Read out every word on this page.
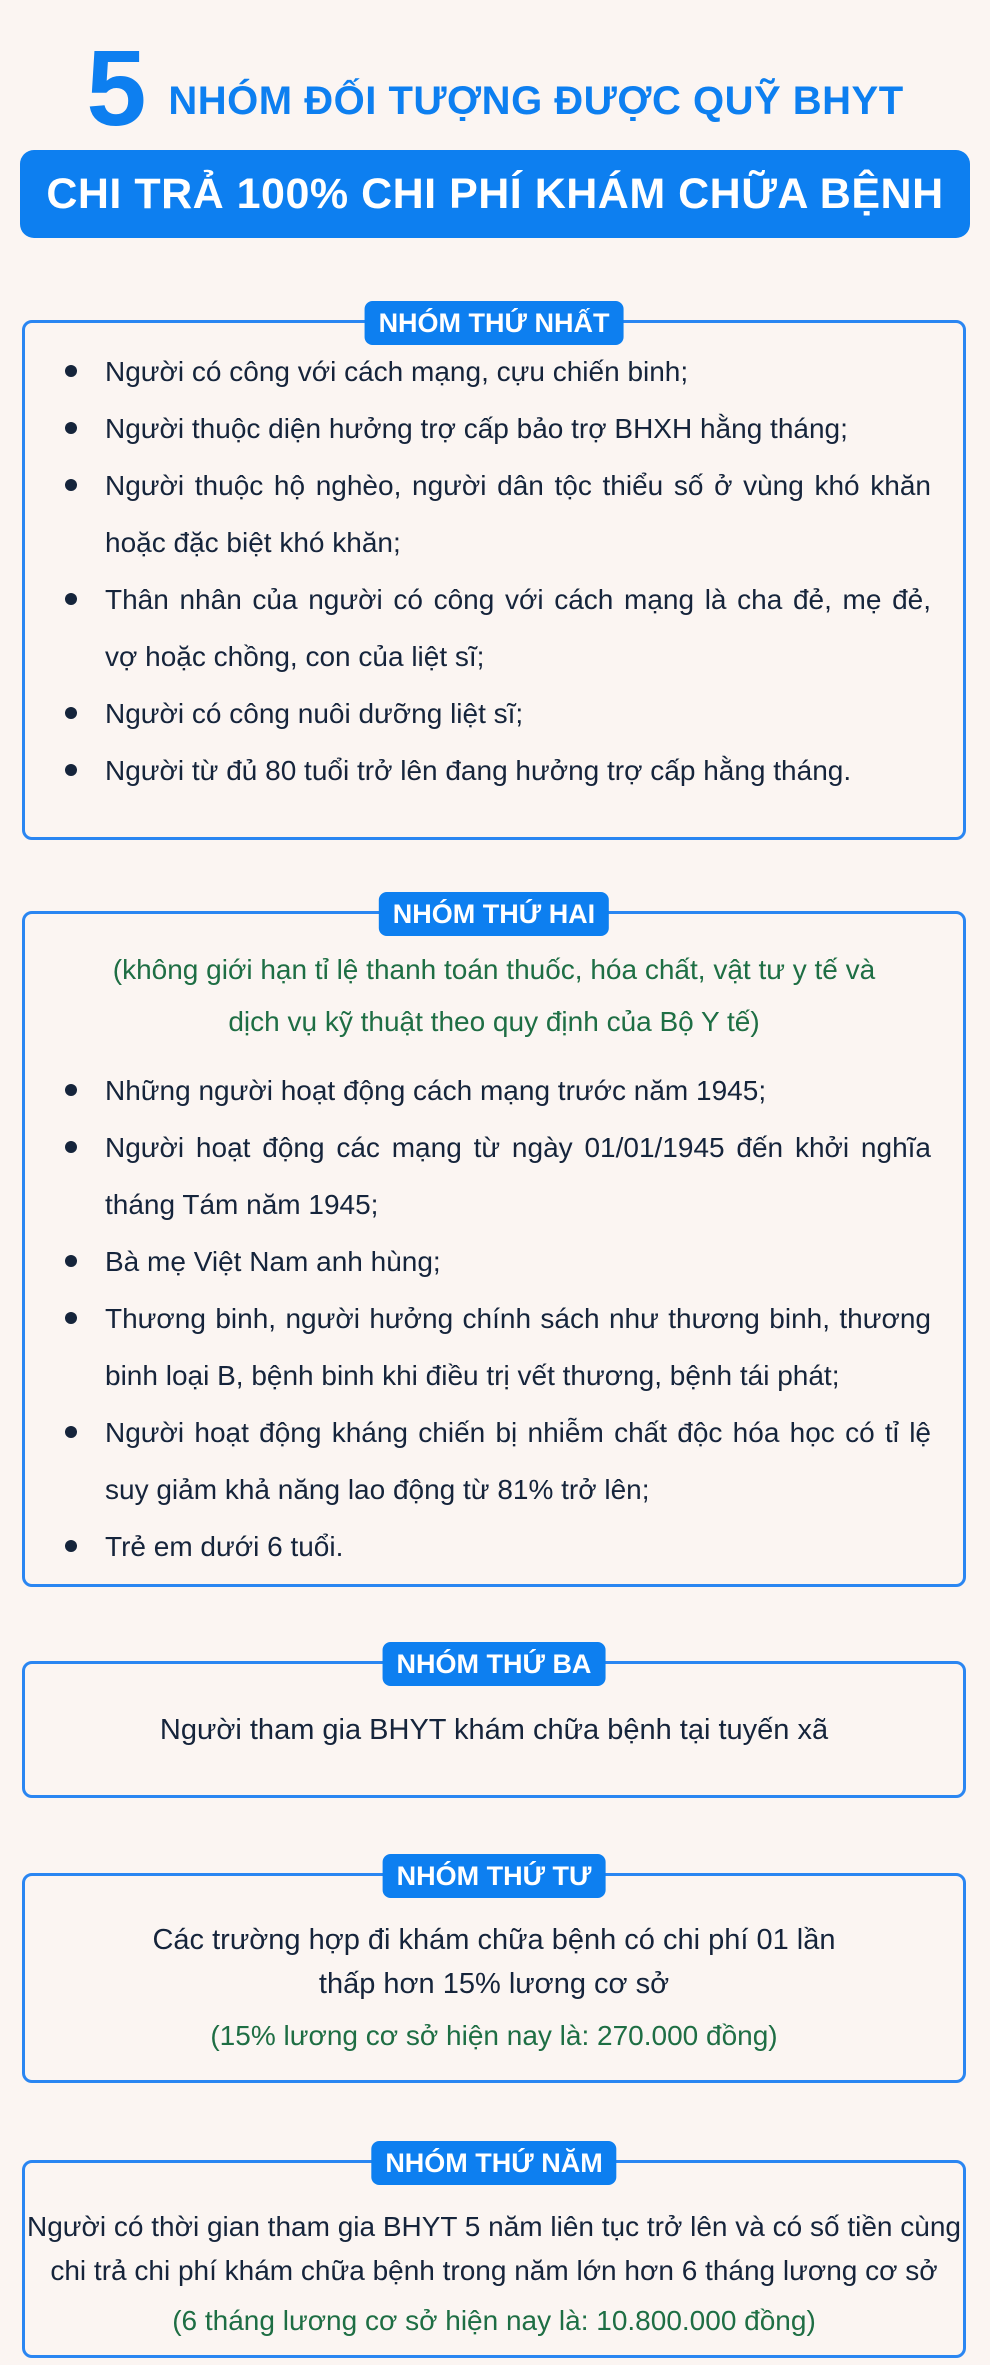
5 NHÓM ĐỐI TƯỢNG ĐƯỢC QUỸ BHYT
CHI TRẢ 100% CHI PHÍ KHÁM CHỮA BỆNH
NHÓM THỨ NHẤT
Người có công với cách mạng, cựu chiến binh;
Người thuộc diện hưởng trợ cấp bảo trợ BHXH hằng tháng;
Người thuộc hộ nghèo, người dân tộc thiểu số ở vùng khó khăn hoặc đặc biệt khó khăn;
Thân nhân của người có công với cách mạng là cha đẻ, mẹ đẻ, vợ hoặc chồng, con của liệt sĩ;
Người có công nuôi dưỡng liệt sĩ;
Người từ đủ 80 tuổi trở lên đang hưởng trợ cấp hằng tháng.
NHÓM THỨ HAI
(không giới hạn tỉ lệ thanh toán thuốc, hóa chất, vật tư y tế và
dịch vụ kỹ thuật theo quy định của Bộ Y tế)
Những người hoạt động cách mạng trước năm 1945;
Người hoạt động các mạng từ ngày 01/01/1945 đến khởi nghĩa tháng Tám năm 1945;
Bà mẹ Việt Nam anh hùng;
Thương binh, người hưởng chính sách như thương binh, thương binh loại B, bệnh binh khi điều trị vết thương, bệnh tái phát;
Người hoạt động kháng chiến bị nhiễm chất độc hóa học có tỉ lệ suy giảm khả năng lao động từ 81% trở lên;
Trẻ em dưới 6 tuổi.
NHÓM THỨ BA
Người tham gia BHYT khám chữa bệnh tại tuyến xã
NHÓM THỨ TƯ
Các trường hợp đi khám chữa bệnh có chi phí 01 lần
thấp hơn 15% lương cơ sở
(15% lương cơ sở hiện nay là: 270.000 đồng)
NHÓM THỨ NĂM
Người có thời gian tham gia BHYT 5 năm liên tục trở lên và có số tiền cùng
chi trả chi phí khám chữa bệnh trong năm lớn hơn 6 tháng lương cơ sở
(6 tháng lương cơ sở hiện nay là: 10.800.000 đồng)
